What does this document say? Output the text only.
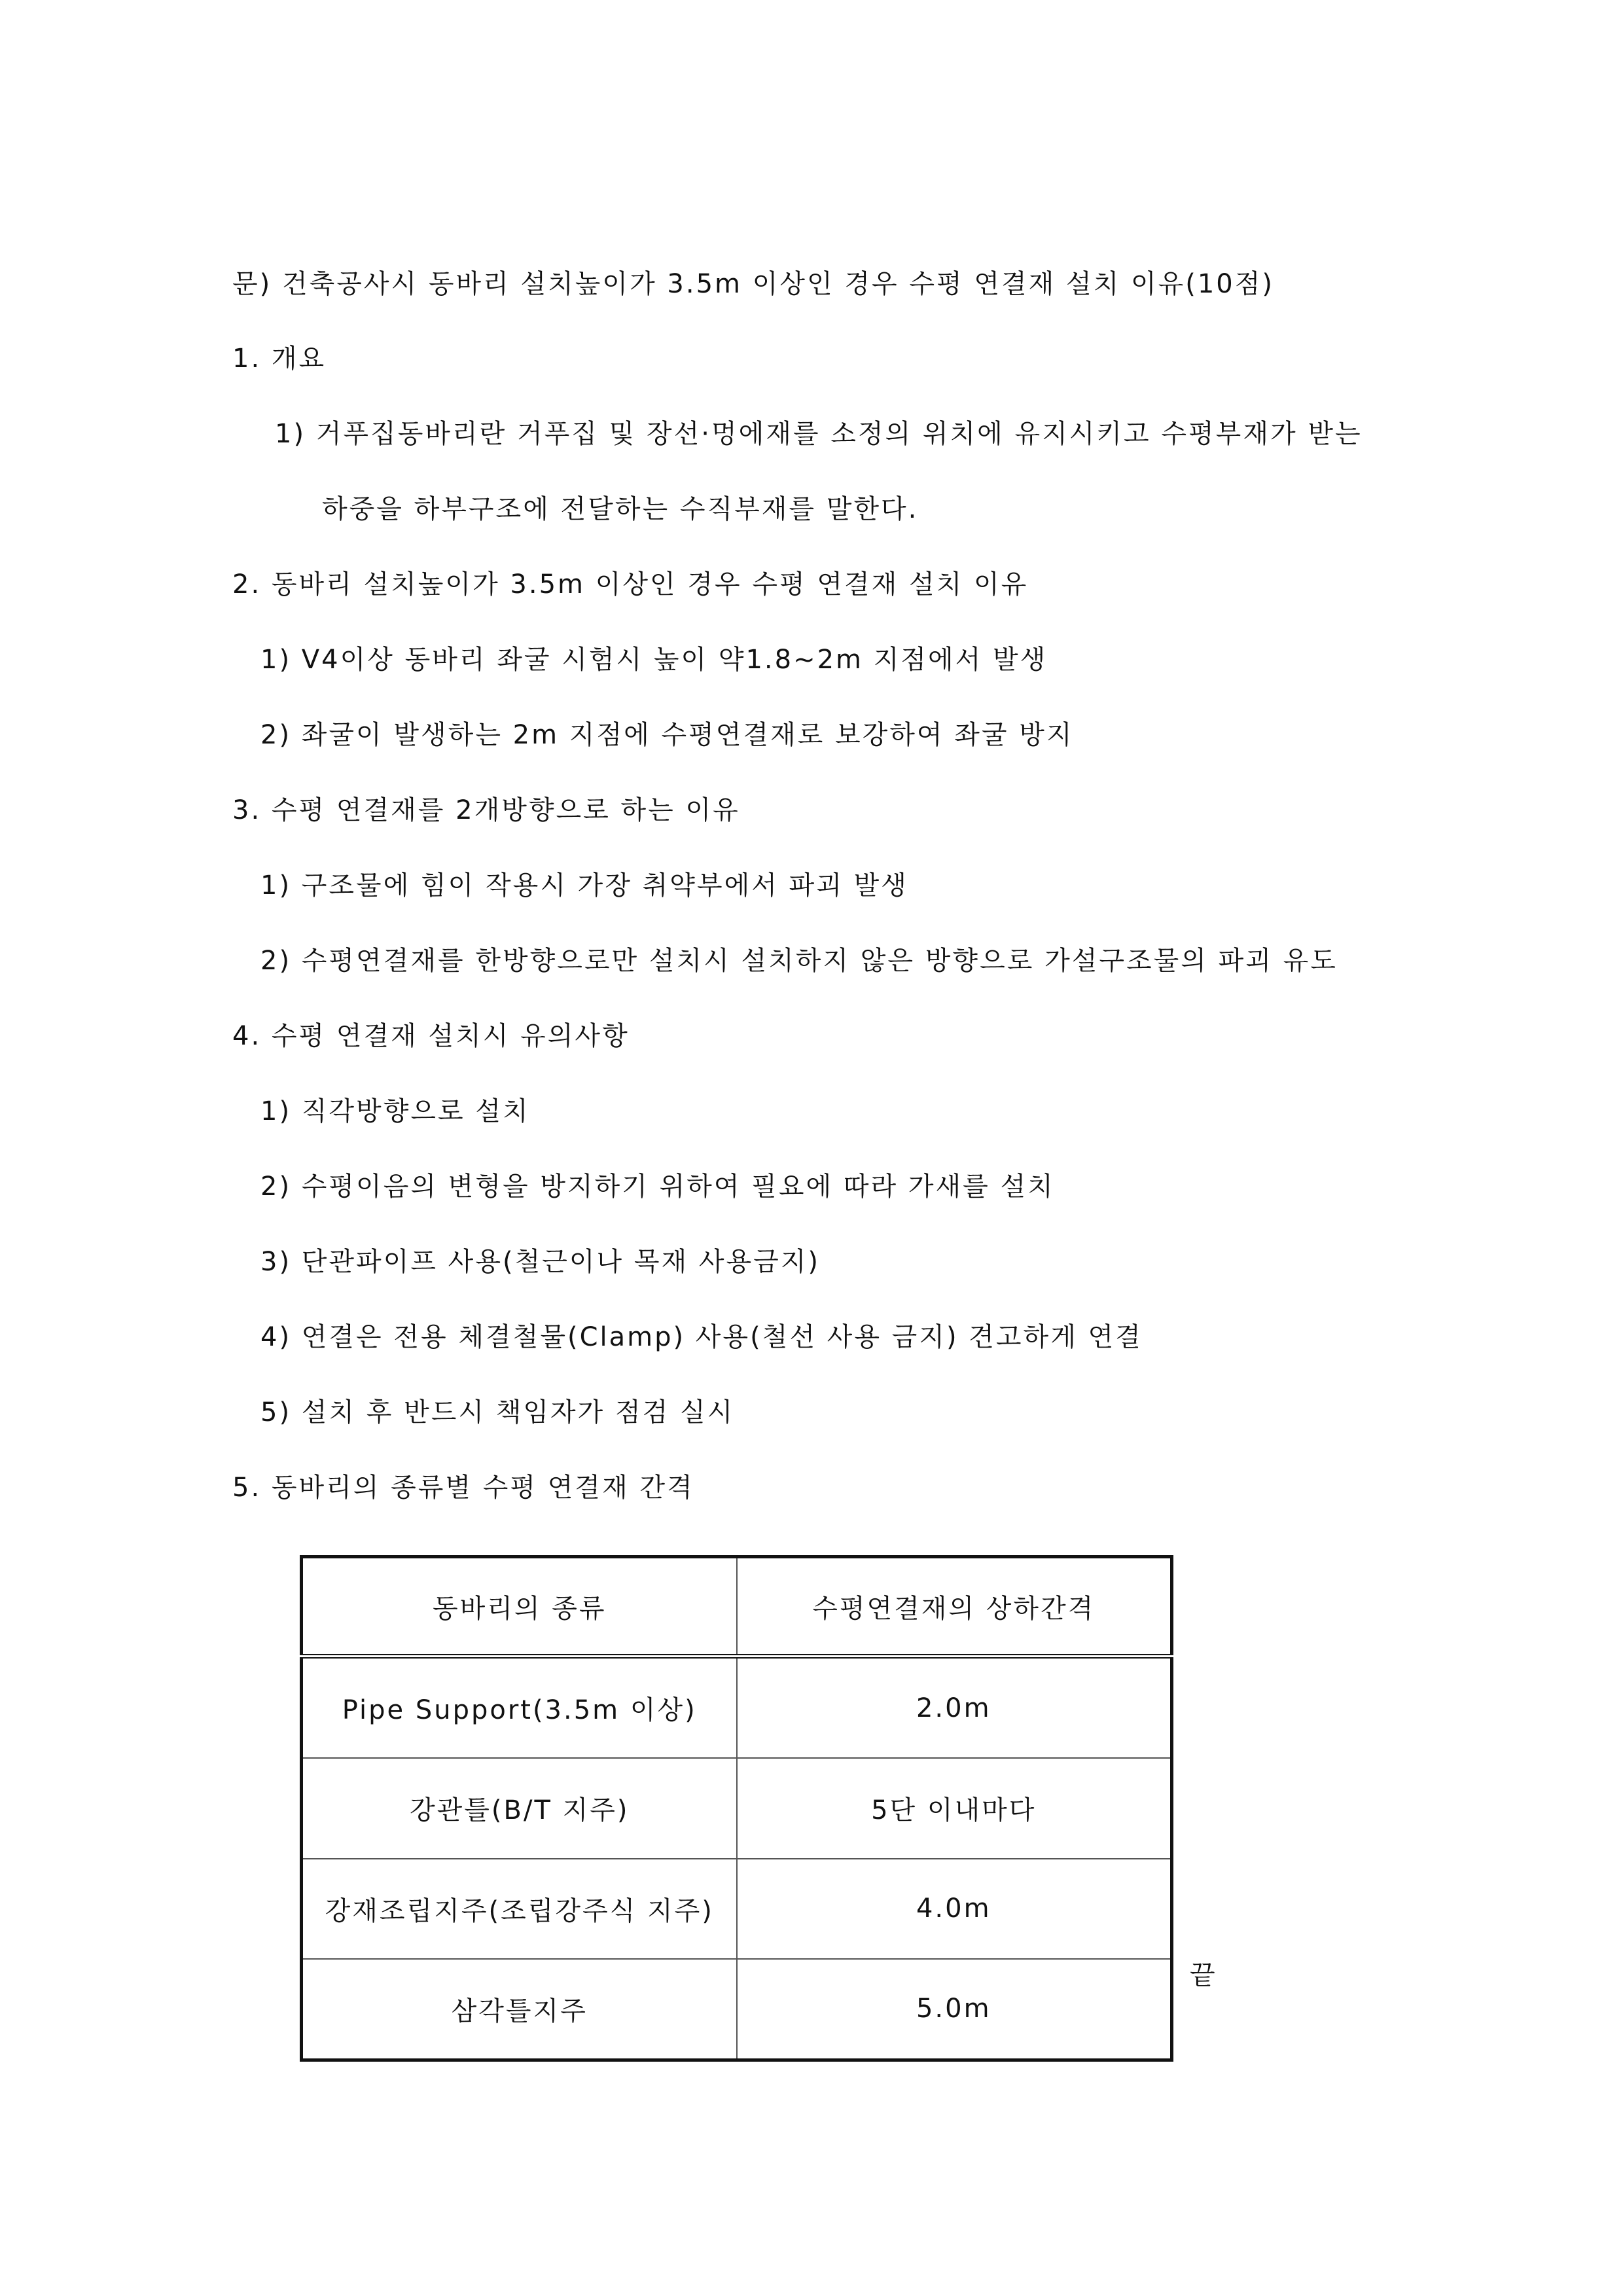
문) 건축공사시 동바리 설치높이가 3.5m 이상인 경우 수평 연결재 설치 이유(10점)
1. 개요
1) 거푸집동바리란 거푸집 및 장선·멍에재를 소정의 위치에 유지시키고 수평부재가 받는
하중을 하부구조에 전달하는 수직부재를 말한다.
2. 동바리 설치높이가 3.5m 이상인 경우 수평 연결재 설치 이유
1) V4이상 동바리 좌굴 시험시 높이 약1.8~2m 지점에서 발생
2) 좌굴이 발생하는 2m 지점에 수평연결재로 보강하여 좌굴 방지
3. 수평 연결재를 2개방향으로 하는 이유
1) 구조물에 힘이 작용시 가장 취약부에서 파괴 발생
2) 수평연결재를 한방향으로만 설치시 설치하지 않은 방향으로 가설구조물의 파괴 유도
4. 수평 연결재 설치시 유의사항
1) 직각방향으로 설치
2) 수평이음의 변형을 방지하기 위하여 필요에 따라 가새를 설치
3) 단관파이프 사용(철근이나 목재 사용금지)
4) 연결은 전용 체결철물(Clamp) 사용(철선 사용 금지) 견고하게 연결
5) 설치 후 반드시 책임자가 점검 실시
5. 동바리의 종류별 수평 연결재 간격
동바리의 종류	수평연결재의 상하간격
Pipe Support(3.5m 이상)	2.0m
강관틀(B/T 지주)	5단 이내마다
강재조립지주(조립강주식 지주)	4.0m
삼각틀지주	5.0m
끝
